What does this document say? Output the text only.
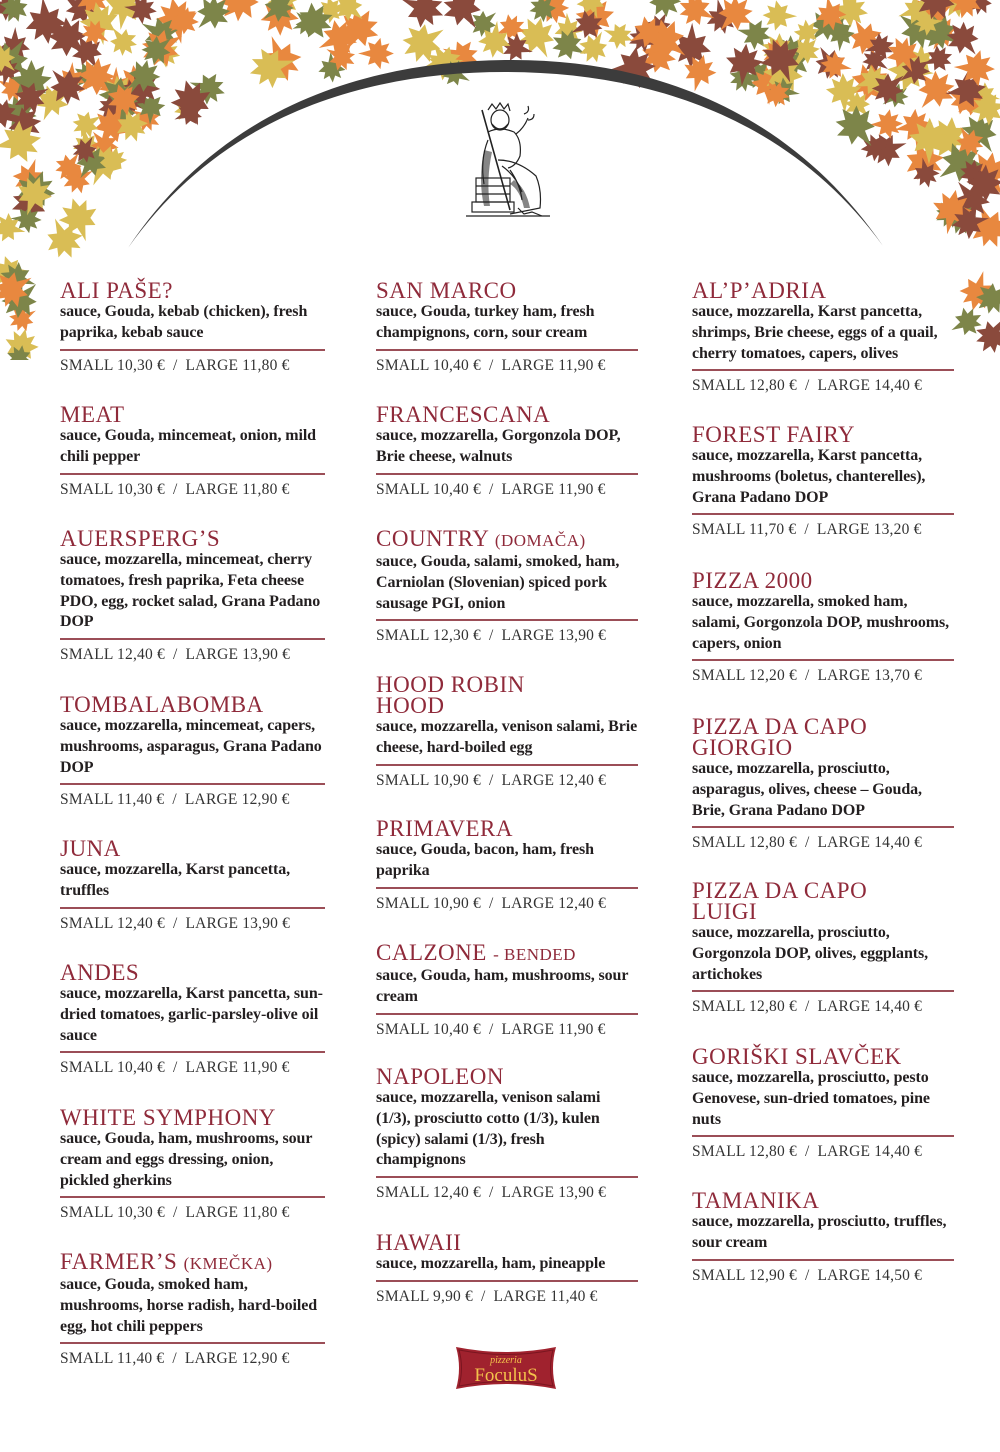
ALI PAŠE?
sauce, Gouda, kebab (chicken), fresh paprika, kebab sauce
SMALL 10,30 € / LARGE 11,80 €
MEAT
sauce, Gouda, mincemeat, onion, mild chili pepper
SMALL 10,30 € / LARGE 11,80 €
AUERSPERG’S
sauce, mozzarella, mincemeat, cherry tomatoes, fresh paprika, Feta cheese PDO, egg, rocket salad, Grana Padano DOP
SMALL 12,40 € / LARGE 13,90 €
TOMBALABOMBA
sauce, mozzarella, mincemeat, capers, mushrooms, asparagus, Grana Padano DOP
SMALL 11,40 € / LARGE 12,90 €
JUNA
sauce, mozzarella, Karst pancetta, truffles
SMALL 12,40 € / LARGE 13,90 €
ANDES
sauce, mozzarella, Karst pancetta, sun-dried tomatoes, garlic-parsley-olive oil sauce
SMALL 10,40 € / LARGE 11,90 €
WHITE SYMPHONY
sauce, Gouda, ham, mushrooms, sour cream and eggs dressing, onion, pickled gherkins
SMALL 10,30 € / LARGE 11,80 €
FARMER’S (KMEČKA)
sauce, Gouda, smoked ham, mushrooms, horse radish, hard-boiled egg, hot chili peppers
SMALL 11,40 € / LARGE 12,90 €
SAN MARCO
sauce, Gouda, turkey ham, fresh champignons, corn, sour cream
SMALL 10,40 € / LARGE 11,90 €
FRANCESCANA
sauce, mozzarella, Gorgonzola DOP, Brie cheese, walnuts
SMALL 10,40 € / LARGE 11,90 €
COUNTRY (DOMAČA)
sauce, Gouda, salami, smoked, ham, Carniolan (Slovenian) spiced pork sausage PGI, onion
SMALL 12,30 € / LARGE 13,90 €
HOOD ROBIN HOOD
sauce, mozzarella, venison salami, Brie cheese, hard-boiled egg
SMALL 10,90 € / LARGE 12,40 €
PRIMAVERA
sauce, Gouda, bacon, ham, fresh paprika
SMALL 10,90 € / LARGE 12,40 €
CALZONE - BENDED
sauce, Gouda, ham, mushrooms, sour cream
SMALL 10,40 € / LARGE 11,90 €
NAPOLEON
sauce, mozzarella, venison salami (1/3), prosciutto cotto (1/3), kulen (spicy) salami (1/3), fresh champignons
SMALL 12,40 € / LARGE 13,90 €
HAWAII
sauce, mozzarella, ham, pineapple
SMALL 9,90 € / LARGE 11,40 €
AL’P’ADRIA
sauce, mozzarella, Karst pancetta, shrimps, Brie cheese, eggs of a quail, cherry tomatoes, capers, olives
SMALL 12,80 € / LARGE 14,40 €
FOREST FAIRY
sauce, mozzarella, Karst pancetta, mushrooms (boletus, chanterelles), Grana Padano DOP
SMALL 11,70 € / LARGE 13,20 €
PIZZA 2000
sauce, mozzarella, smoked ham, salami, Gorgonzola DOP, mushrooms, capers, onion
SMALL 12,20 € / LARGE 13,70 €
PIZZA DA CAPO GIORGIO
sauce, mozzarella, prosciutto, asparagus, olives, cheese – Gouda, Brie, Grana Padano DOP
SMALL 12,80 € / LARGE 14,40 €
PIZZA DA CAPO LUIGI
sauce, mozzarella, prosciutto, Gorgonzola DOP, olives, eggplants, artichokes
SMALL 12,80 € / LARGE 14,40 €
GORIŠKI SLAVČEK
sauce, mozzarella, prosciutto, pesto Genovese, sun-dried tomatoes, pine nuts
SMALL 12,80 € / LARGE 14,40 €
TAMANIKA
sauce, mozzarella, prosciutto, truffles, sour cream
SMALL 12,90 € / LARGE 14,50 €
pizzeria
FoculuS
